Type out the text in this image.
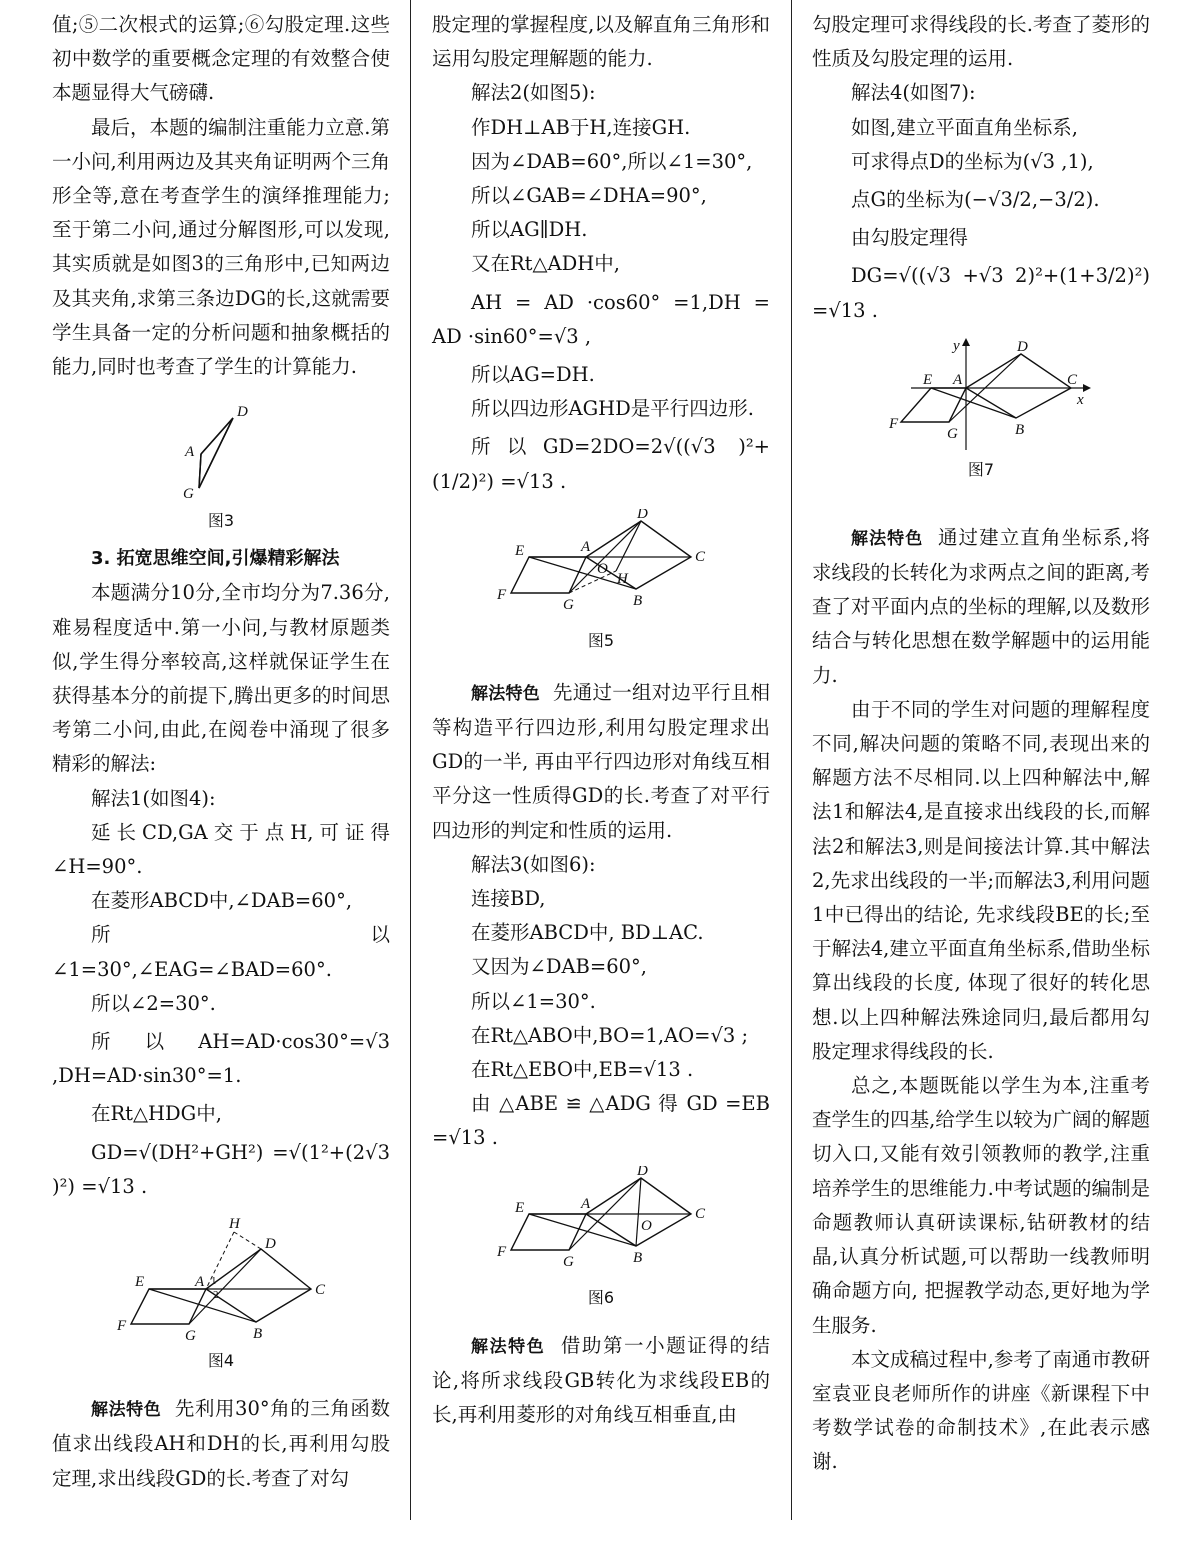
值;⑤二次根式的运算;⑥勾股定理.这些初中数学的重要概念定理的有效整合使本题显得大气磅礴.

最后，本题的编制注重能力立意.第一小问,利用两边及其夹角证明两个三角形全等,意在考查学生的演绎推理能力;至于第二小问,通过分解图形,可以发现,其实质就是如图3的三角形中,已知两边及其夹角,求第三条边DG的长,这就需要学生具备一定的分析问题和抽象概括的能力,同时也考查了学生的计算能力.

D
A
G
图3

3. 拓宽思维空间,引爆精彩解法

本题满分10分,全市均分为7.36分,难易程度适中.第一小问,与教材原题类似,学生得分率较高,这样就保证学生在获得基本分的前提下,腾出更多的时间思考第二小问,由此,在阅卷中涌现了很多精彩的解法:

解法1(如图4):

延长CD,GA交于点H,可证得∠H=90°.

在菱形ABCD中,∠DAB=60°,

所以∠1=30°,∠EAG=∠BAD=60°.

所以∠2=30°.

所以AH=AD·cos30°=√3 ,DH=AD·sin30°=1.

在Rt△HDG中,

GD=√(DH²+GH²) =√(1²+(2√3 )²) =√13 .

H
D
E	A	C
F
G	B
1
2
图4

解法特色 先利用30°角的三角函数值求出线段AH和DH的长,再利用勾股定理,求出线段GD的长.考查了对勾

股定理的掌握程度,以及解直角三角形和运用勾股定理解题的能力.

解法2(如图5):

作DH⊥AB于H,连接GH.

因为∠DAB=60°,所以∠1=30°,

所以∠GAB=∠DHA=90°,

所以AG∥DH.

又在Rt△ADH中,

AH = AD ·cos60° =1,DH = AD ·sin60°=√3 ,

所以AG=DH.

所以四边形AGHD是平行四边形.

所以GD=2DO=2√((√3 )²+(1/2)²) =√13 .

D
E	A
O
H
C
F
G	B
图5

解法特色 先通过一组对边平行且相等构造平行四边形,利用勾股定理求出GD的一半, 再由平行四边形对角线互相平分这一性质得GD的长.考查了对平行四边形的判定和性质的运用.

解法3(如图6):

连接BD,

在菱形ABCD中, BD⊥AC.

又因为∠DAB=60°,

所以∠1=30°.

在Rt△ABO中,BO=1,AO=√3 ;

在Rt△EBO中,EB=√13 .

由 △ABE ≌ △ADG 得 GD =EB =√13 .

D
E	A
O
C
F
G	B
图6

解法特色 借助第一小题证得的结论,将所求线段GB转化为求线段EB的长,再利用菱形的对角线互相垂直,由

勾股定理可求得线段的长.考查了菱形的性质及勾股定理的运用.

解法4(如图7):

如图,建立平面直角坐标系,

可求得点D的坐标为(√3 ,1),

点G的坐标为(−√3/2,−3/2).

由勾股定理得

DG=√((√3 +√3 2)²+(1+3/2)²) =√13 .

y
x
D
E A	C
F
G	B
图7

解法特色 通过建立直角坐标系,将求线段的长转化为求两点之间的距离,考查了对平面内点的坐标的理解,以及数形结合与转化思想在数学解题中的运用能力.

由于不同的学生对问题的理解程度不同,解决问题的策略不同,表现出来的解题方法不尽相同.以上四种解法中,解法1和解法4,是直接求出线段的长,而解法2和解法3,则是间接法计算.其中解法2,先求出线段的一半;而解法3,利用问题1中已得出的结论, 先求线段BE的长;至于解法4,建立平面直角坐标系,借助坐标算出线段的长度, 体现了很好的转化思想.以上四种解法殊途同归,最后都用勾股定理求得线段的长.

总之,本题既能以学生为本,注重考查学生的四基,给学生以较为广阔的解题切入口,又能有效引领教师的教学,注重培养学生的思维能力.中考试题的编制是命题教师认真研读课标,钻研教材的结晶,认真分析试题,可以帮助一线教师明确命题方向, 把握教学动态,更好地为学生服务.

本文成稿过程中,参考了南通市教研室袁亚良老师所作的讲座《新课程下中考数学试卷的命制技术》,在此表示感谢.
